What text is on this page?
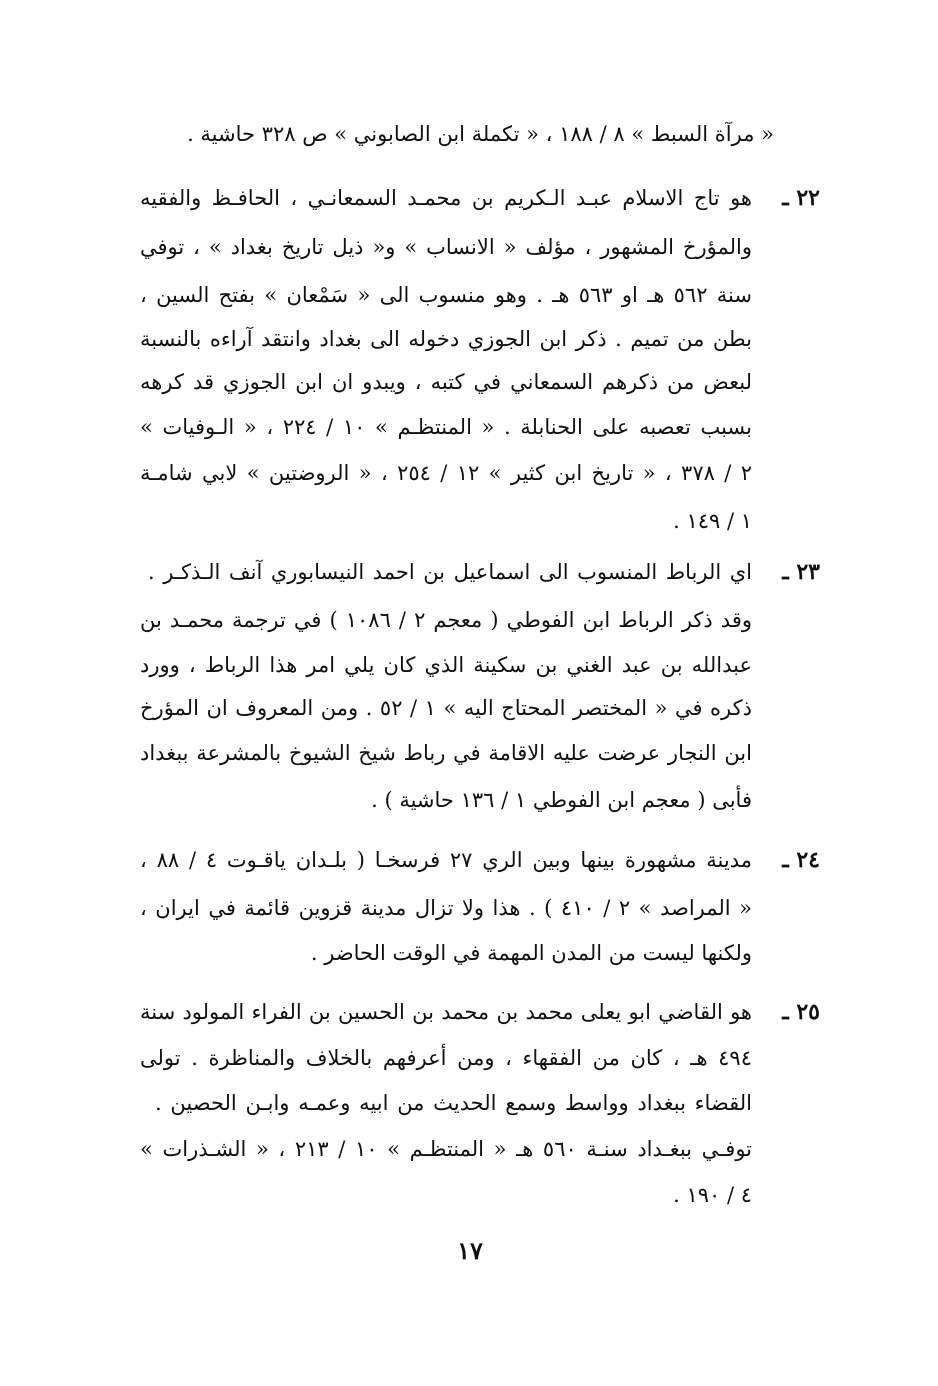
« مرآة السبط » ٨ / ١٨٨ ، « تكملة ابن الصابوني » ص ٣٢٨ حاشية .
٢٢ ـ
هو تاج الاسلام عبـد الـكريم بن محمـد السمعانـي ، الحافـظ والفقيه
والمؤرخ المشهور ، مؤلف « الانساب » و« ذيل تاريخ بغداد » ، توفي
سنة ٥٦٢ هـ او ٥٦٣ هـ . وهو منسوب الى « سَمْعان » بفتح السين ،
بطن من تميم . ذكر ابن الجوزي دخوله الى بغداد وانتقد آراءه بالنسبة
لبعض من ذكرهم السمعاني في كتبه ، ويبدو ان ابن الجوزي قد كرهه
بسبب تعصبه على الحنابلة . « المنتظـم » ١٠ / ٢٢٤ ، « الـوفيات »
٢ / ٣٧٨ ، « تاريخ ابن كثير » ١٢ / ٢٥٤ ، « الروضتين » لابي شامـة
١ / ١٤٩ .
٢٣ ـ
اي الرباط المنسوب الى اسماعيل بن احمد النيسابوري آنف الـذكـر .
وقد ذكر الرباط ابن الفوطي ( معجم ٢ / ١٠٨٦ ) في ترجمة محمـد بن
عبدالله بن عبد الغني بن سكينة الذي كان يلي امر هذا الرباط ، وورد
ذكره في « المختصر المحتاج اليه » ١ / ٥٢ . ومن المعروف ان المؤرخ
ابن النجار عرضت عليه الاقامة في رباط شيخ الشيوخ بالمشرعة ببغداد
فأبى ( معجم ابن الفوطي ١ / ١٣٦ حاشية ) .
٢٤ ـ
مدينة مشهورة بينها وبين الري ٢٧ فرسخـا ( بلـدان ياقـوت ٤ / ٨٨ ،
« المراصد » ٢ / ٤١٠ ) . هذا ولا تزال مدينة قزوين قائمة في ايران ،
ولكنها ليست من المدن المهمة في الوقت الحاضر .
٢٥ ـ
هو القاضي ابو يعلى محمد بن محمد بن الحسين بن الفراء المولود سنة
٤٩٤ هـ ، كان من الفقهاء ، ومن أعرفهم بالخلاف والمناظرة . تولى
القضاء ببغداد وواسط وسمع الحديث من ابيه وعمـه وابـن الحصين .
توفـي ببغـداد سنـة ٥٦٠ هـ « المنتظـم » ١٠ / ٢١٣ ، « الشـذرات »
٤ / ١٩٠ .
١٧
